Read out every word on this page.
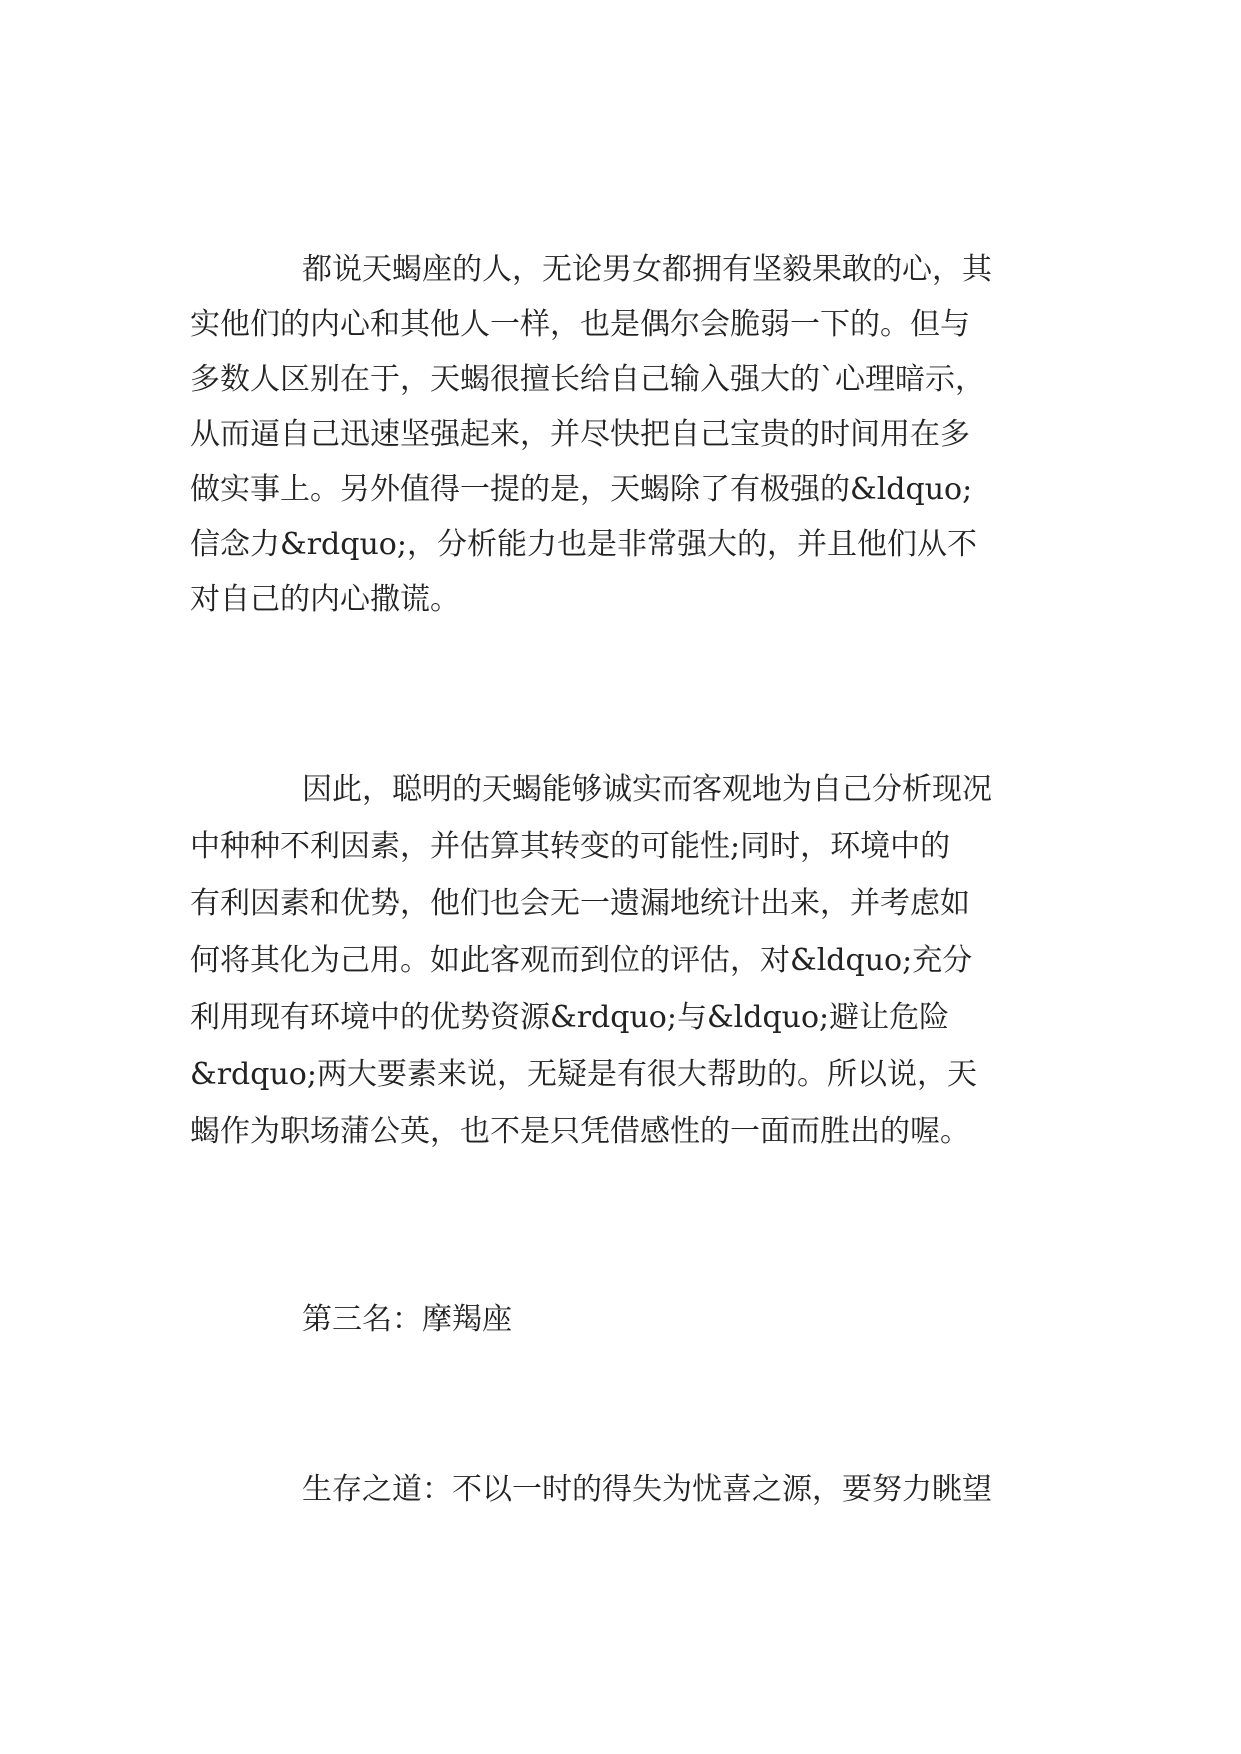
都说天蝎座的人，无论男女都拥有坚毅果敢的心，其
实他们的内心和其他人一样，也是偶尔会脆弱一下的。但与
多数人区别在于，天蝎很擅长给自己输入强大的`心理暗示，
从而逼自己迅速坚强起来，并尽快把自己宝贵的时间用在多
做实事上。另外值得一提的是，天蝎除了有极强的&ldquo;
信念力&rdquo;，分析能力也是非常强大的，并且他们从不
对自己的内心撒谎。
因此，聪明的天蝎能够诚实而客观地为自己分析现况
中种种不利因素，并估算其转变的可能性;同时，环境中的
有利因素和优势，他们也会无一遗漏地统计出来，并考虑如
何将其化为己用。如此客观而到位的评估，对&ldquo;充分
利用现有环境中的优势资源&rdquo;与&ldquo;避让危险
&rdquo;两大要素来说，无疑是有很大帮助的。所以说，天
蝎作为职场蒲公英，也不是只凭借感性的一面而胜出的喔。
第三名：摩羯座
生存之道：不以一时的得失为忧喜之源，要努力眺望
